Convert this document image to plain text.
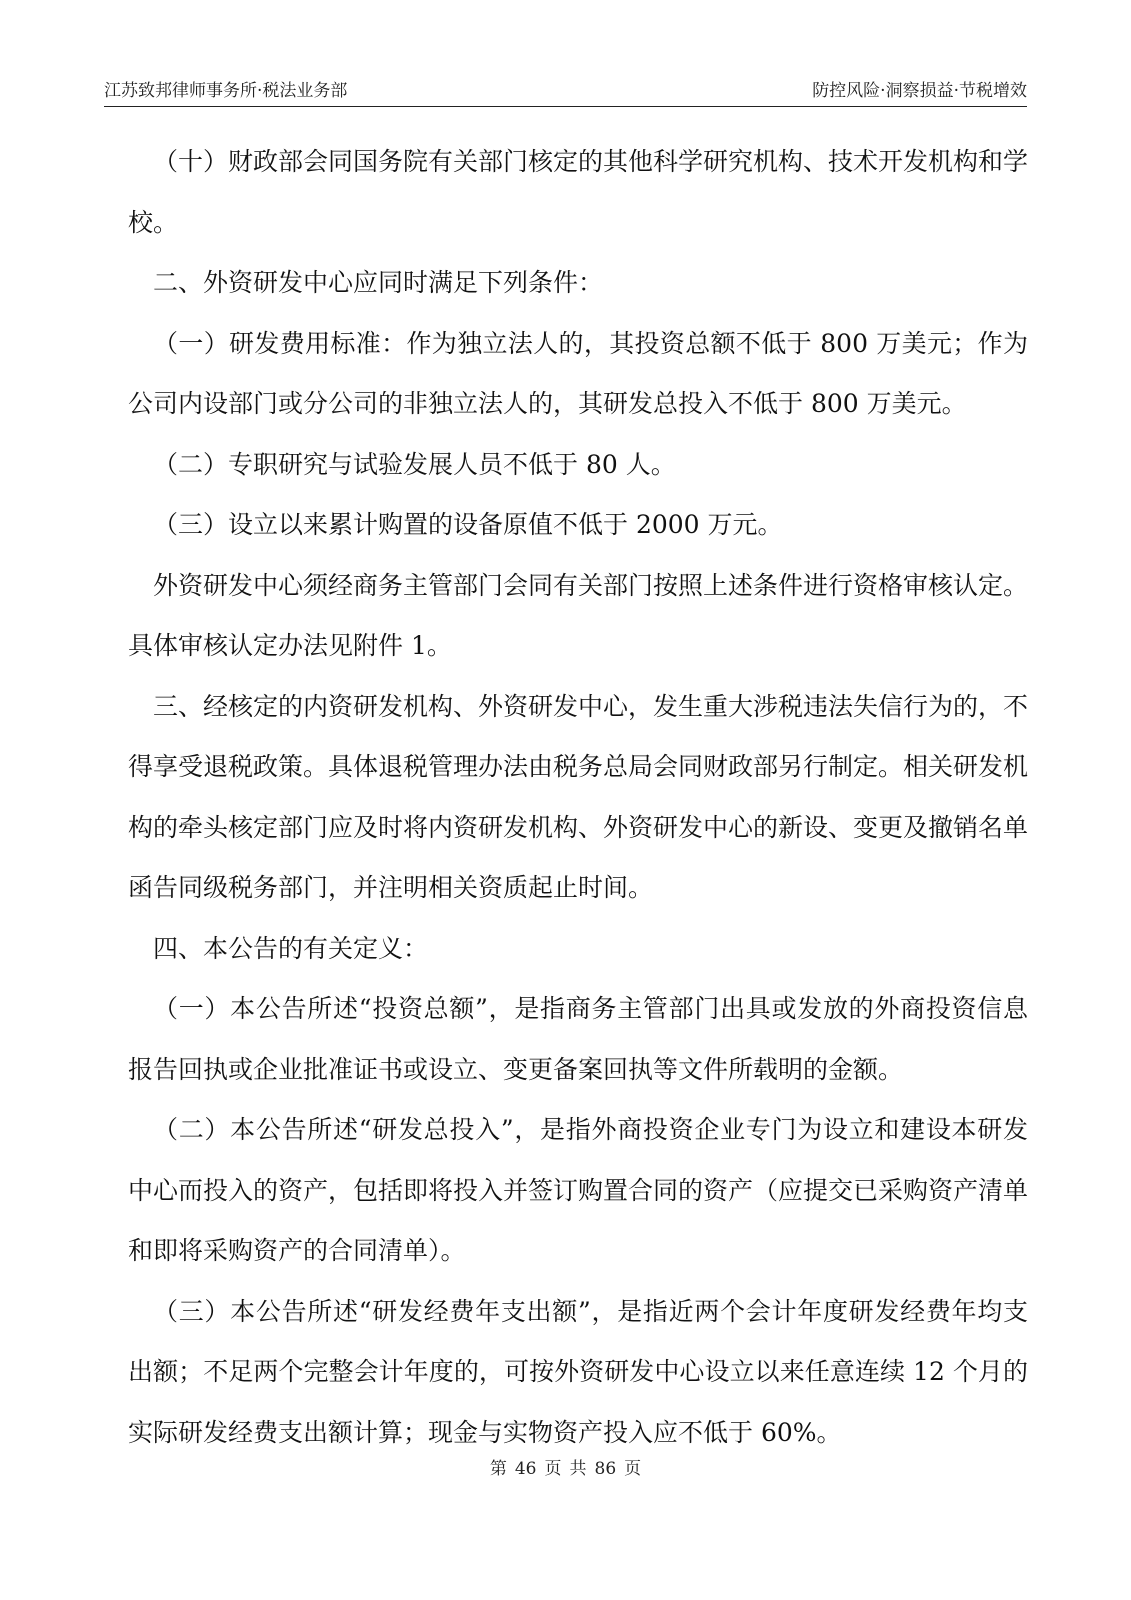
江苏致邦律师事务所·税法业务部	防控风险·洞察损益·节税增效

（十）财政部会同国务院有关部门核定的其他科学研究机构、技术开发机构和学校。

二、外资研发中心应同时满足下列条件：

（一）研发费用标准：作为独立法人的，其投资总额不低于 800 万美元；作为公司内设部门或分公司的非独立法人的，其研发总投入不低于 800 万美元。

（二）专职研究与试验发展人员不低于 80 人。

（三）设立以来累计购置的设备原值不低于 2000 万元。

外资研发中心须经商务主管部门会同有关部门按照上述条件进行资格审核认定。具体审核认定办法见附件 1。

三、经核定的内资研发机构、外资研发中心，发生重大涉税违法失信行为的，不得享受退税政策。具体退税管理办法由税务总局会同财政部另行制定。相关研发机构的牵头核定部门应及时将内资研发机构、外资研发中心的新设、变更及撤销名单函告同级税务部门，并注明相关资质起止时间。

四、本公告的有关定义：

（一）本公告所述“投资总额”，是指商务主管部门出具或发放的外商投资信息报告回执或企业批准证书或设立、变更备案回执等文件所载明的金额。

（二）本公告所述“研发总投入”，是指外商投资企业专门为设立和建设本研发中心而投入的资产，包括即将投入并签订购置合同的资产（应提交已采购资产清单和即将采购资产的合同清单）。

（三）本公告所述“研发经费年支出额”，是指近两个会计年度研发经费年均支出额；不足两个完整会计年度的，可按外资研发中心设立以来任意连续 12 个月的实际研发经费支出额计算；现金与实物资产投入应不低于 60%。

第 46 页 共 86 页
